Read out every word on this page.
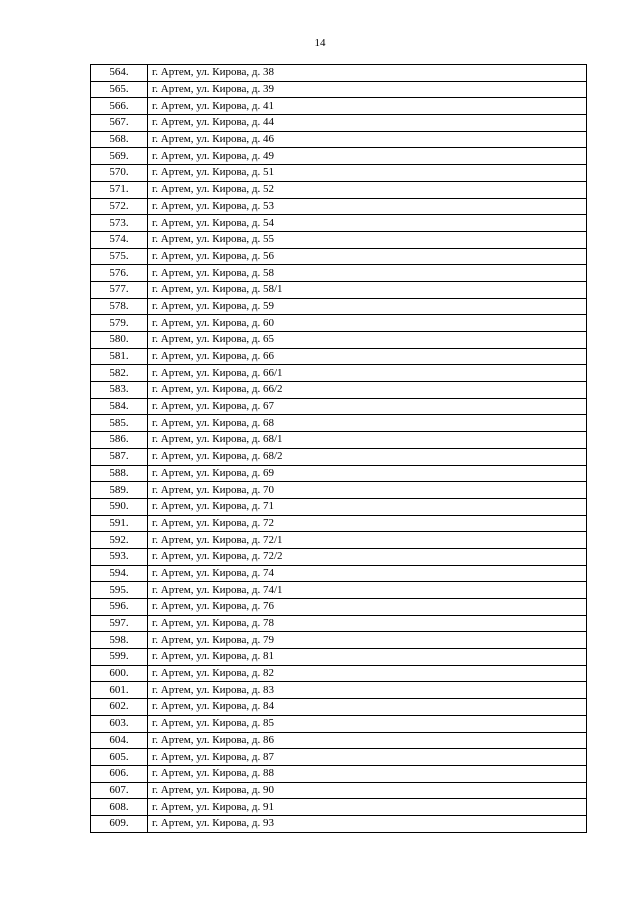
14
564.	г. Артем, ул. Кирова, д. 38
565.	г. Артем, ул. Кирова, д. 39
566.	г. Артем, ул. Кирова, д. 41
567.	г. Артем, ул. Кирова, д. 44
568.	г. Артем, ул. Кирова, д. 46
569.	г. Артем, ул. Кирова, д. 49
570.	г. Артем, ул. Кирова, д. 51
571.	г. Артем, ул. Кирова, д. 52
572.	г. Артем, ул. Кирова, д. 53
573.	г. Артем, ул. Кирова, д. 54
574.	г. Артем, ул. Кирова, д. 55
575.	г. Артем, ул. Кирова, д. 56
576.	г. Артем, ул. Кирова, д. 58
577.	г. Артем, ул. Кирова, д. 58/1
578.	г. Артем, ул. Кирова, д. 59
579.	г. Артем, ул. Кирова, д. 60
580.	г. Артем, ул. Кирова, д. 65
581.	г. Артем, ул. Кирова, д. 66
582.	г. Артем, ул. Кирова, д. 66/1
583.	г. Артем, ул. Кирова, д. 66/2
584.	г. Артем, ул. Кирова, д. 67
585.	г. Артем, ул. Кирова, д. 68
586.	г. Артем, ул. Кирова, д. 68/1
587.	г. Артем, ул. Кирова, д. 68/2
588.	г. Артем, ул. Кирова, д. 69
589.	г. Артем, ул. Кирова, д. 70
590.	г. Артем, ул. Кирова, д. 71
591.	г. Артем, ул. Кирова, д. 72
592.	г. Артем, ул. Кирова, д. 72/1
593.	г. Артем, ул. Кирова, д. 72/2
594.	г. Артем, ул. Кирова, д. 74
595.	г. Артем, ул. Кирова, д. 74/1
596.	г. Артем, ул. Кирова, д. 76
597.	г. Артем, ул. Кирова, д. 78
598.	г. Артем, ул. Кирова, д. 79
599.	г. Артем, ул. Кирова, д. 81
600.	г. Артем, ул. Кирова, д. 82
601.	г. Артем, ул. Кирова, д. 83
602.	г. Артем, ул. Кирова, д. 84
603.	г. Артем, ул. Кирова, д. 85
604.	г. Артем, ул. Кирова, д. 86
605.	г. Артем, ул. Кирова, д. 87
606.	г. Артем, ул. Кирова, д. 88
607.	г. Артем, ул. Кирова, д. 90
608.	г. Артем, ул. Кирова, д. 91
609.	г. Артем, ул. Кирова, д. 93
